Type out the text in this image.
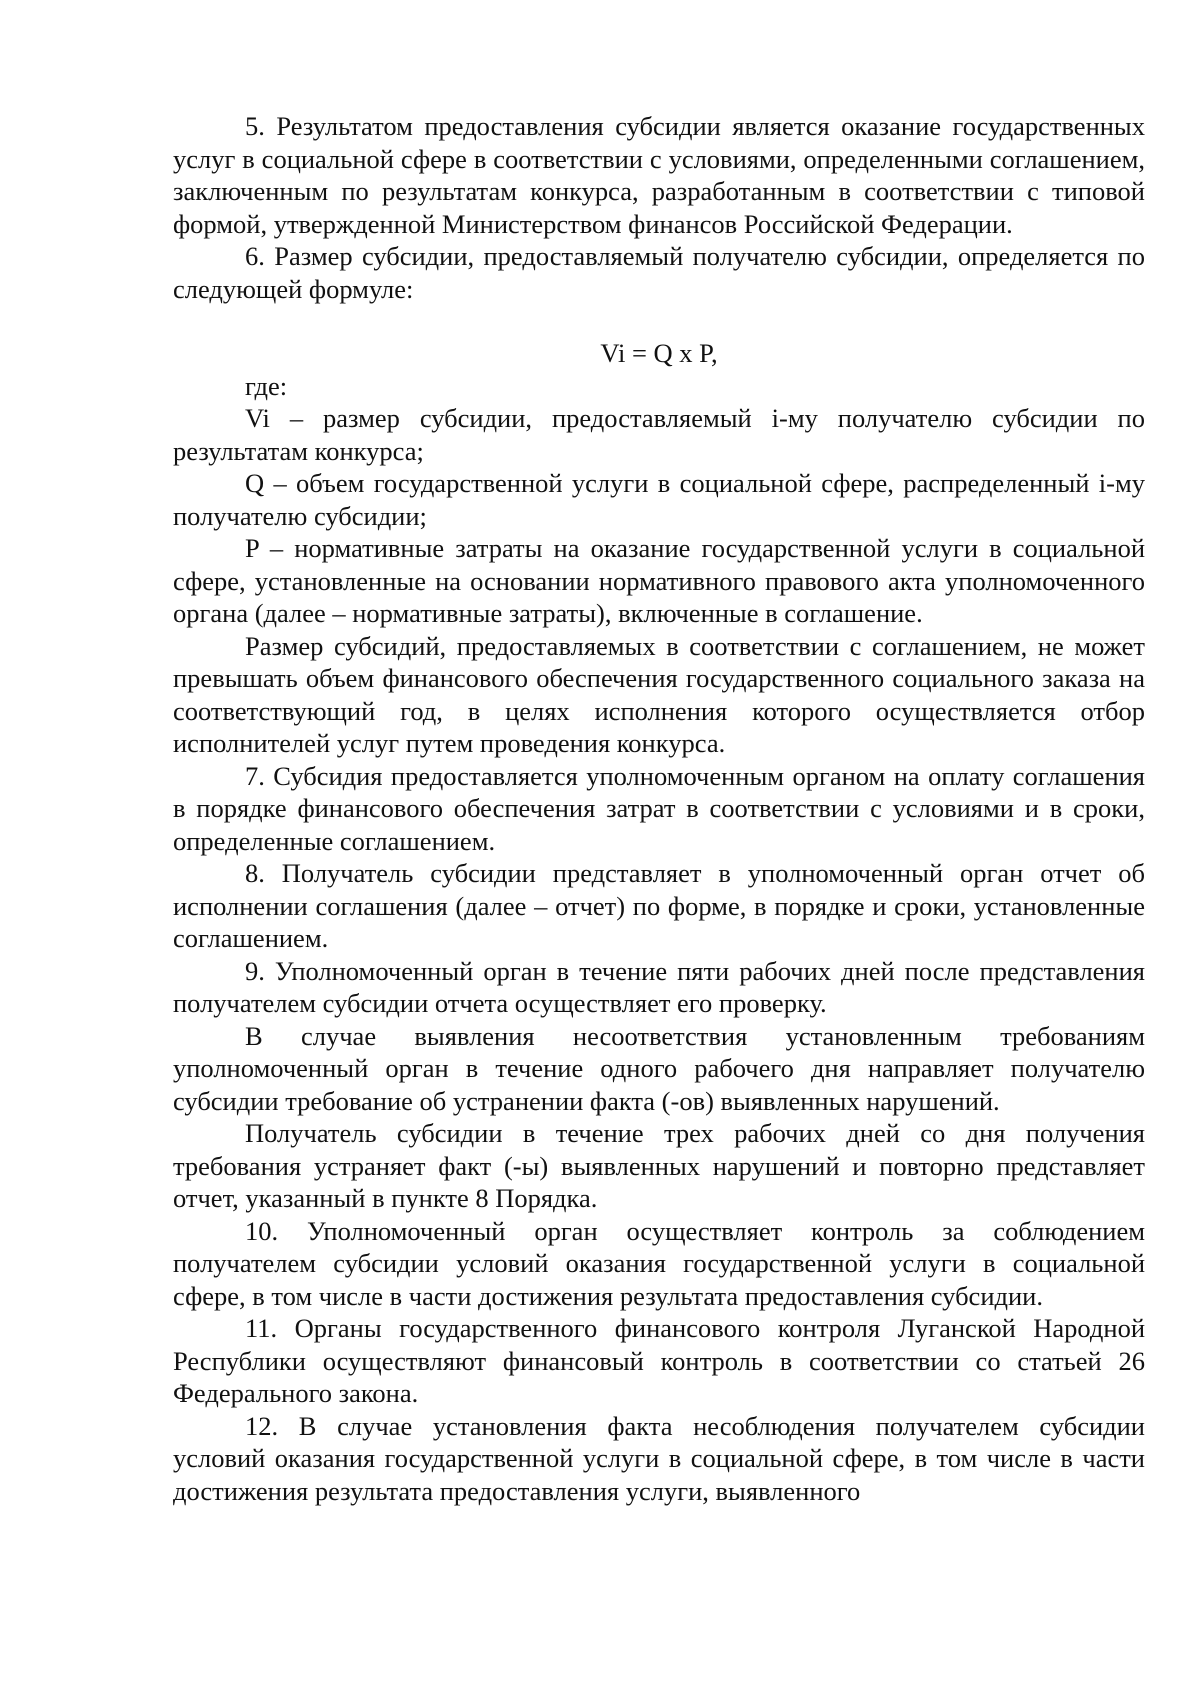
5. Результатом предоставления субсидии является оказание государственных услуг в социальной сфере в соответствии с условиями, определенными соглашением, заключенным по результатам конкурса, разработанным в соответствии с типовой формой, утвержденной Министерством финансов Российской Федерации.

6. Размер субсидии, предоставляемый получателю субсидии, определяется по следующей формуле:

Vi = Q x P,

где:

Vi – размер субсидии, предоставляемый i-му получателю субсидии по результатам конкурса;

Q – объем государственной услуги в социальной сфере, распределенный i-му получателю субсидии;

P – нормативные затраты на оказание государственной услуги в социальной сфере, установленные на основании нормативного правового акта уполномоченного органа (далее – нормативные затраты), включенные в соглашение.

Размер субсидий, предоставляемых в соответствии с соглашением, не может превышать объем финансового обеспечения государственного социального заказа на соответствующий год, в целях исполнения которого осуществляется отбор исполнителей услуг путем проведения конкурса.

7. Субсидия предоставляется уполномоченным органом на оплату соглашения в порядке финансового обеспечения затрат в соответствии с условиями и в сроки, определенные соглашением.

8. Получатель субсидии представляет в уполномоченный орган отчет об исполнении соглашения (далее – отчет) по форме, в порядке и сроки, установленные соглашением.

9. Уполномоченный орган в течение пяти рабочих дней после представления получателем субсидии отчета осуществляет его проверку.

В случае выявления несоответствия установленным требованиям уполномоченный орган в течение одного рабочего дня направляет получателю субсидии требование об устранении факта (-ов) выявленных нарушений.

Получатель субсидии в течение трех рабочих дней со дня получения требования устраняет факт (-ы) выявленных нарушений и повторно представляет отчет, указанный в пункте 8 Порядка.

10. Уполномоченный орган осуществляет контроль за соблюдением получателем субсидии условий оказания государственной услуги в социальной сфере, в том числе в части достижения результата предоставления субсидии.

11. Органы государственного финансового контроля Луганской Народной Республики осуществляют финансовый контроль в соответствии со статьей 26 Федерального закона.

12. В случае установления факта несоблюдения получателем субсидии условий оказания государственной услуги в социальной сфере, в том числе в части достижения результата предоставления услуги, выявленного
